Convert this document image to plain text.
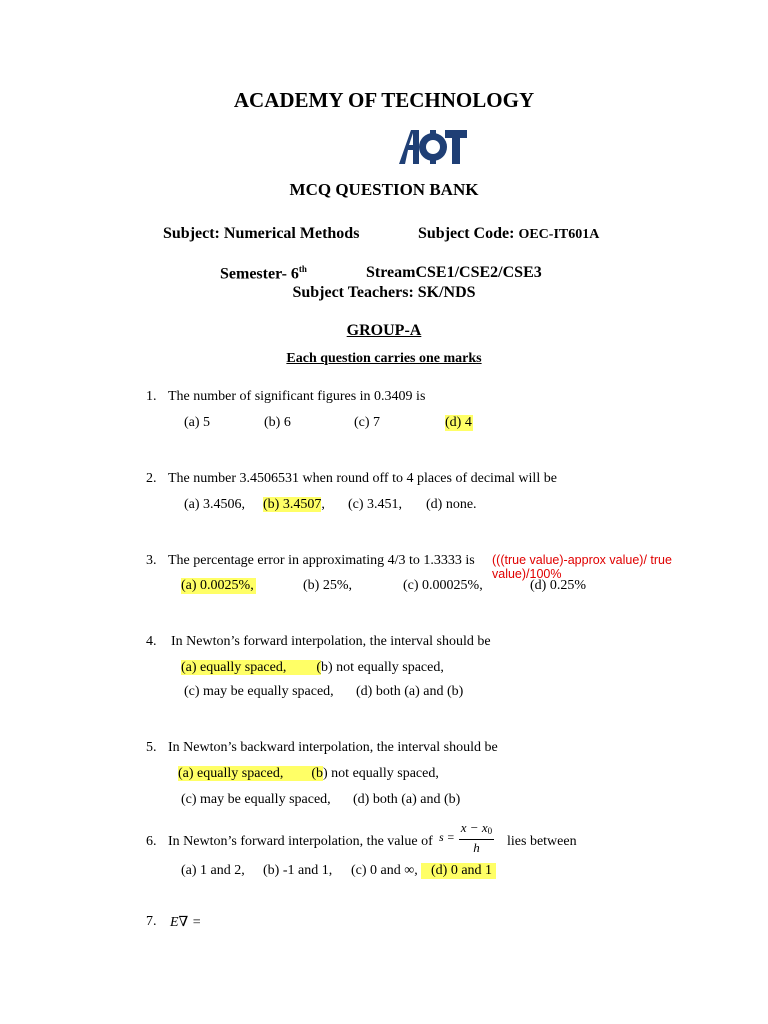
ACADEMY OF TECHNOLOGY
MCQ QUESTION BANK
Subject: Numerical Methods	Subject Code: OEC-IT601A
Semester- 6th	StreamCSE1/CSE2/CSE3
Subject Teachers: SK/NDS
GROUP-A
Each question carries one marks
1. The number of significant figures in 0.3409 is
(a) 5	(b) 6	(c) 7	(d) 4
2. The number 3.4506531 when round off to 4 places of decimal will be
(a) 3.4506, (b) 3.4507, (c) 3.451, (d) none.
3. The percentage error in approximating 4/3 to 1.3333 is (((true value)-approx value)/ true value)/100%
(a) 0.0025%,	(b) 25%,	(c) 0.00025%,	(d) 0.25%
4. In Newton’s forward interpolation, the interval should be
(a) equally spaced, (b) not equally spaced,
(c) may be equally spaced, (d) both (a) and (b)
5. In Newton’s backward interpolation, the interval should be
(a) equally spaced, (b) not equally spaced,
(c) may be equally spaced, (d) both (a) and (b)
6. In Newton’s forward interpolation, the value of $s = \frac{x - x_0}{h}$ lies between
(a) 1 and 2, (b) -1 and 1, (c) 0 and ∞, (d) 0 and 1
7. E∇ =
